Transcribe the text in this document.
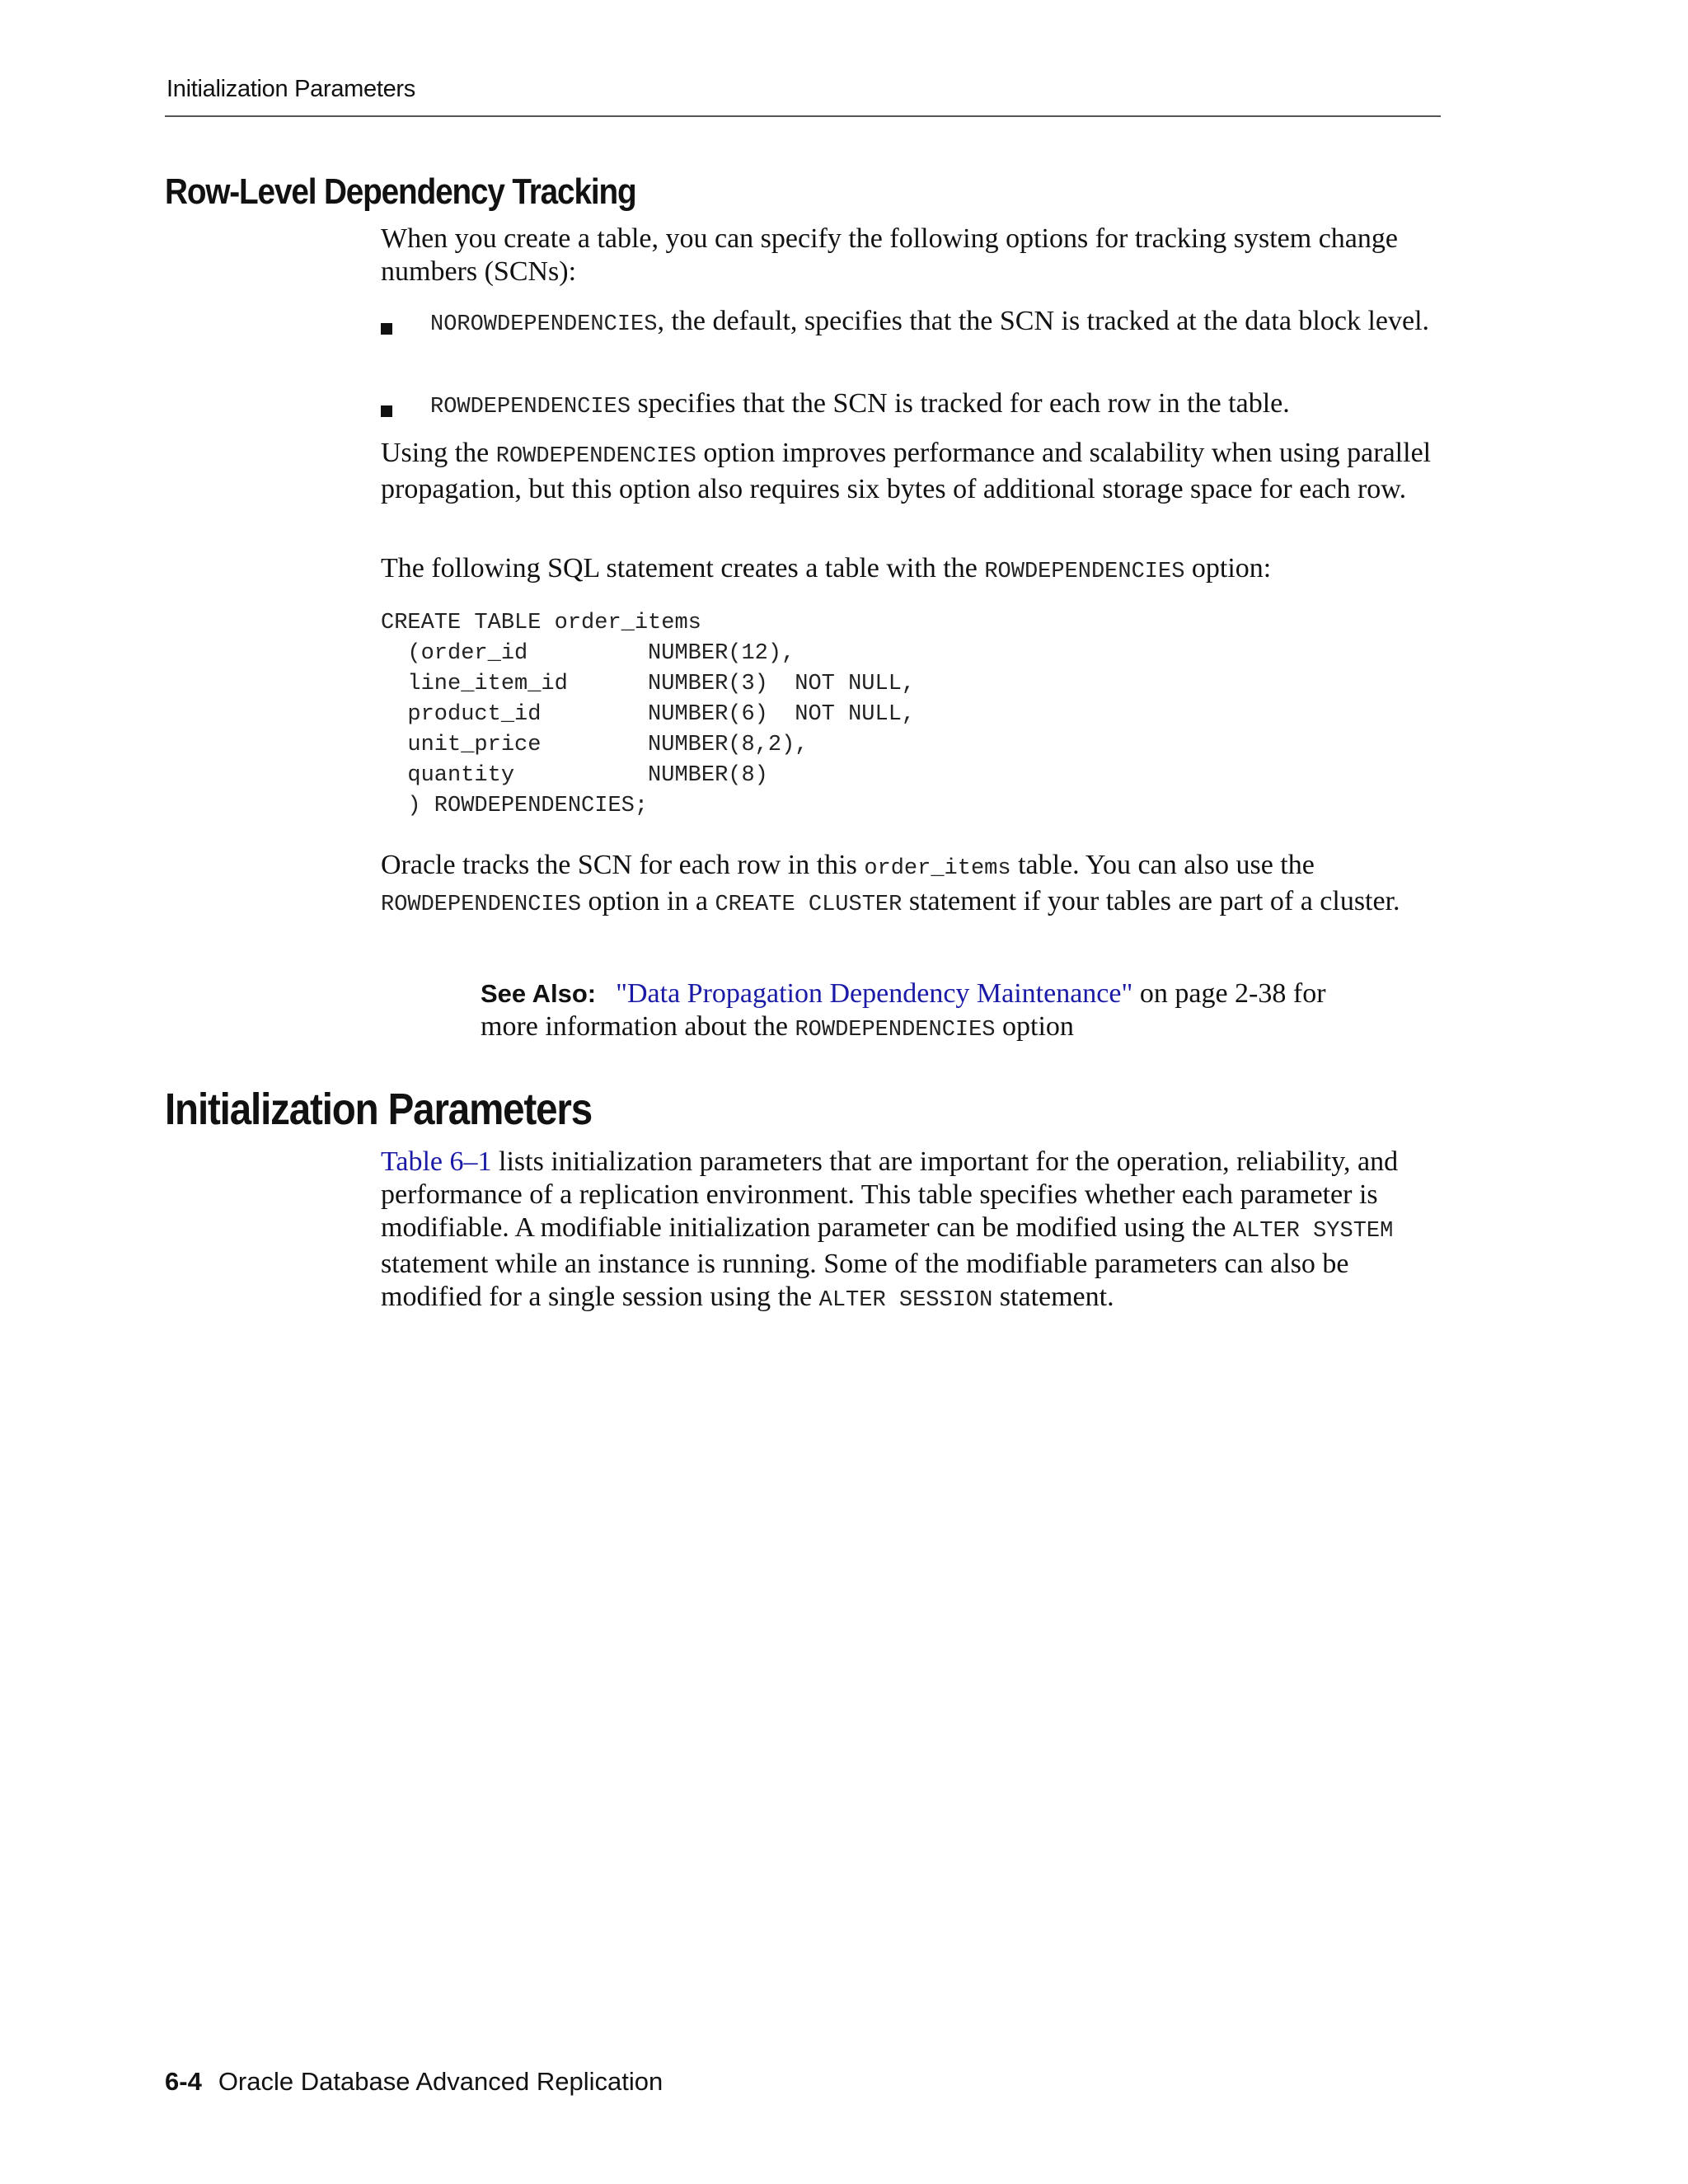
Initialization Parameters
Row-Level Dependency Tracking

When you create a table, you can specify the following options for tracking system change numbers (SCNs):

NOROWDEPENDENCIES, the default, specifies that the SCN is tracked at the data block level.
ROWDEPENDENCIES specifies that the SCN is tracked for each row in the table.

Using the ROWDEPENDENCIES option improves performance and scalability when using parallel propagation, but this option also requires six bytes of additional storage space for each row.

The following SQL statement creates a table with the ROWDEPENDENCIES option:

CREATE TABLE order_items
(order_id         NUMBER(12),
line_item_id      NUMBER(3)  NOT NULL,
product_id        NUMBER(6)  NOT NULL,
unit_price        NUMBER(8,2),
quantity          NUMBER(8)
) ROWDEPENDENCIES;

Oracle tracks the SCN for each row in this order_items table. You can also use the ROWDEPENDENCIES option in a CREATE CLUSTER statement if your tables are part of a cluster.

See Also: "Data Propagation Dependency Maintenance" on page 2-38 for more information about the ROWDEPENDENCIES option
Initialization Parameters

Table 6–1 lists initialization parameters that are important for the operation, reliability, and performance of a replication environment. This table specifies whether each parameter is modifiable. A modifiable initialization parameter can be modified using the ALTER SYSTEM statement while an instance is running. Some of the modifiable parameters can also be modified for a single session using the ALTER SESSION statement.

6-4 Oracle Database Advanced Replication
